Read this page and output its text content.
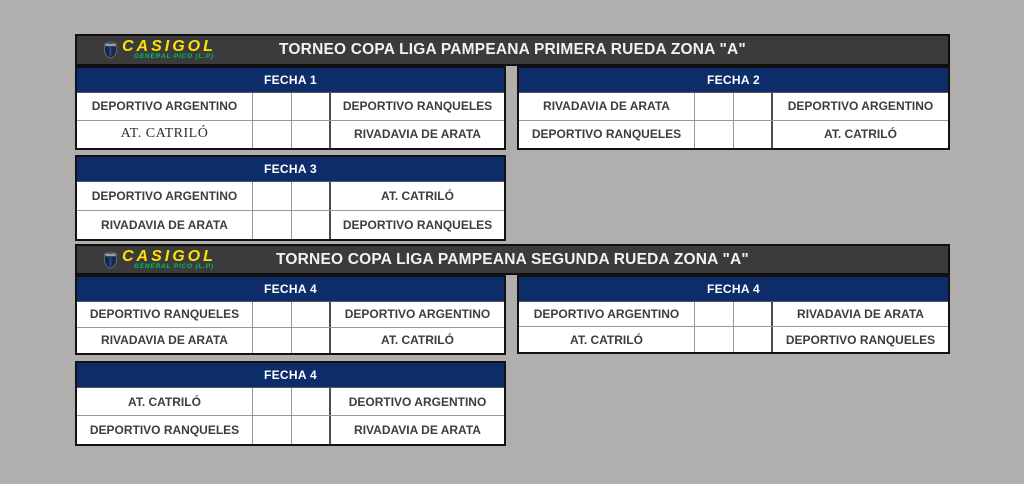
CASIGOL
GENERAL PICO (L.P)	TORNEO COPA LIGA PAMPEANA PRIMERA RUEDA ZONA "A"
FECHA 1
DEPORTIVO ARGENTINO	DEPORTIVO RANQUELES
AT. CATRILÓ	RIVADAVIA DE ARATA
FECHA 2
RIVADAVIA DE ARATA	DEPORTIVO ARGENTINO
DEPORTIVO RANQUELES	AT. CATRILÓ
FECHA 3
DEPORTIVO ARGENTINO	AT. CATRILÓ
RIVADAVIA DE ARATA	DEPORTIVO RANQUELES
CASIGOL
GENERAL PICO (L.P)	TORNEO COPA LIGA PAMPEANA SEGUNDA RUEDA ZONA "A"
FECHA 4
DEPORTIVO RANQUELES	DEPORTIVO ARGENTINO
RIVADAVIA DE ARATA	AT. CATRILÓ
FECHA 4
DEPORTIVO ARGENTINO	RIVADAVIA DE ARATA
AT. CATRILÓ	DEPORTIVO RANQUELES
FECHA 4
AT. CATRILÓ	DEORTIVO ARGENTINO
DEPORTIVO RANQUELES	RIVADAVIA DE ARATA
